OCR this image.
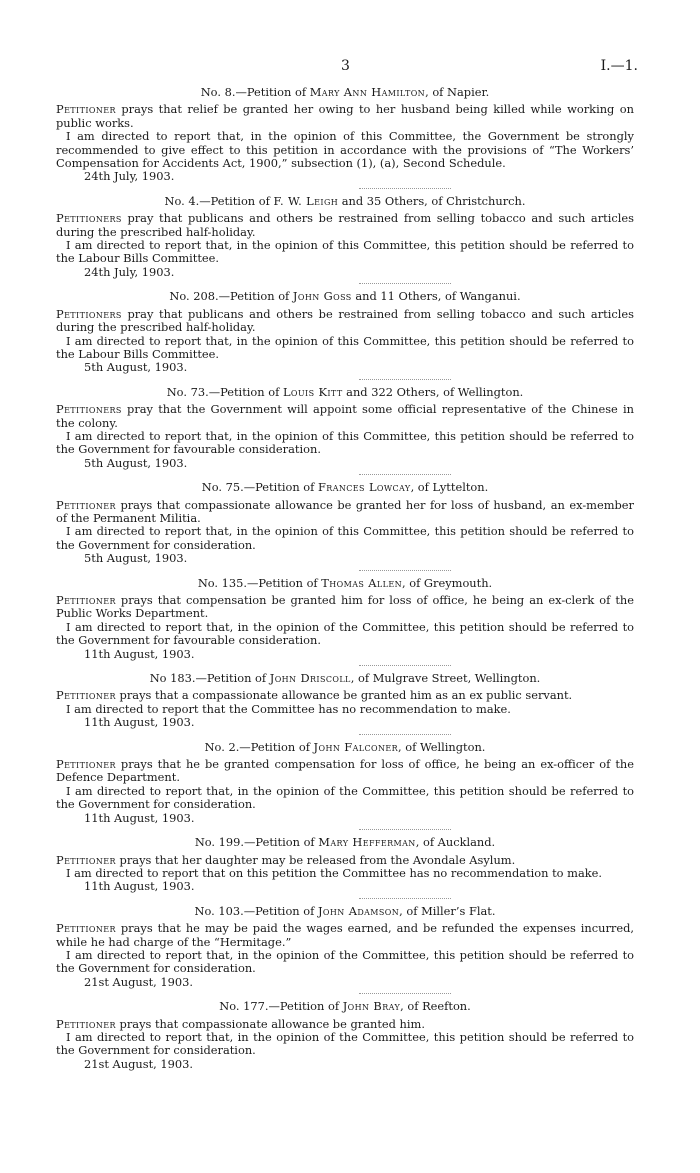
3	I.—1.
No. 8.—Petition of Mary Ann Hamilton, of Napier.

Petitioner prays that relief be granted her owing to her husband being killed while working on public works.

I am directed to report that, in the opinion of this Committee, the Government be strongly recommended to give effect to this petition in accordance with the provisions of “The Workers’ Compensation for Accidents Act, 1900,” subsection (1), (a), Second Schedule.

24th July, 1903.

No. 4.—Petition of F. W. Leigh and 35 Others, of Christchurch.

Petitioners pray that publicans and others be restrained from selling tobacco and such articles during the prescribed half-holiday.

I am directed to report that, in the opinion of this Committee, this petition should be referred to the Labour Bills Committee.

24th July, 1903.

No. 208.—Petition of John Goss and 11 Others, of Wanganui.

Petitioners pray that publicans and others be restrained from selling tobacco and such articles during the prescribed half-holiday.

I am directed to report that, in the opinion of this Committee, this petition should be referred to the Labour Bills Committee.

5th August, 1903.

No. 73.—Petition of Louis Kitt and 322 Others, of Wellington.

Petitioners pray that the Government will appoint some official representative of the Chinese in the colony.

I am directed to report that, in the opinion of this Committee, this petition should be referred to the Government for favourable consideration.

5th August, 1903.

No. 75.—Petition of Frances Lowcay, of Lyttelton.

Petitioner prays that compassionate allowance be granted her for loss of husband, an ex-member of the Permanent Militia.

I am directed to report that, in the opinion of this Committee, this petition should be referred to the Government for consideration.

5th August, 1903.

No. 135.—Petition of Thomas Allen, of Greymouth.

Petitioner prays that compensation be granted him for loss of office, he being an ex-clerk of the Public Works Department.

I am directed to report that, in the opinion of the Committee, this petition should be referred to the Government for favourable consideration.

11th August, 1903.

No 183.—Petition of John Driscoll, of Mulgrave Street, Wellington.

Petitioner prays that a compassionate allowance be granted him as an ex public servant.

I am directed to report that the Committee has no recommendation to make.

11th August, 1903.

No. 2.—Petition of John Falconer, of Wellington.

Petitioner prays that he be granted compensation for loss of office, he being an ex-officer of the Defence Department.

I am directed to report that, in the opinion of the Committee, this petition should be referred to the Government for consideration.

11th August, 1903.

No. 199.—Petition of Mary Hefferman, of Auckland.

Petitioner prays that her daughter may be released from the Avondale Asylum.

I am directed to report that on this petition the Committee has no recommendation to make.

11th August, 1903.

No. 103.—Petition of John Adamson, of Miller’s Flat.

Petitioner prays that he may be paid the wages earned, and be refunded the expenses incurred, while he had charge of the “Hermitage.”

I am directed to report that, in the opinion of the Committee, this petition should be referred to the Government for consideration.

21st August, 1903.

No. 177.—Petition of John Bray, of Reefton.

Petitioner prays that compassionate allowance be granted him.

I am directed to report that, in the opinion of the Committee, this petition should be referred to the Government for consideration.

21st August, 1903.
